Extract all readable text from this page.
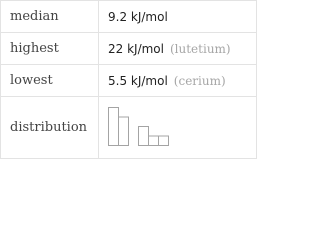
median	9.2 kJ/mol
highest	22 kJ/mol (lutetium)
lowest	5.5 kJ/mol (cerium)
distribution	
